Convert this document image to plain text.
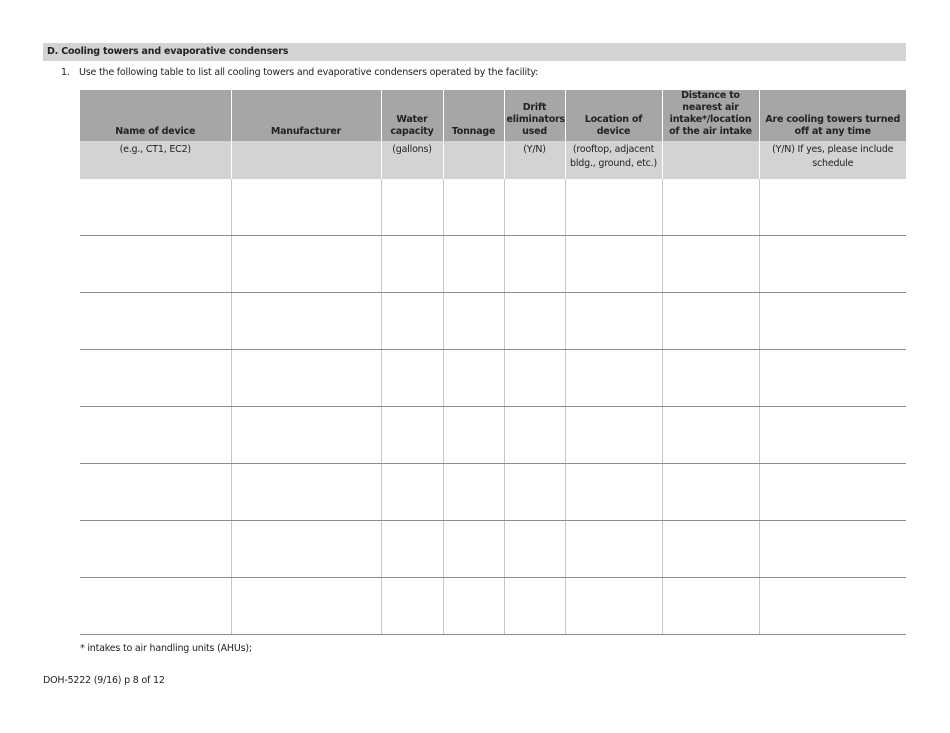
D. Cooling towers and evaporative condensers
1. Use the following table to list all cooling towers and evaporative condensers operated by the facility:
Name of device	Manufacturer	Water capacity	Tonnage	Drift eliminators used	Location of device	Distance to nearest air intake*/location of the air intake	Are cooling towers turned off at any time
(e.g., CT1, EC2)		(gallons)		(Y/N)	(rooftop, adjacent bldg., ground, etc.)		(Y/N) If yes, please include schedule

* intakes to air handling units (AHUs);
DOH-5222 (9/16) p 8 of 12
